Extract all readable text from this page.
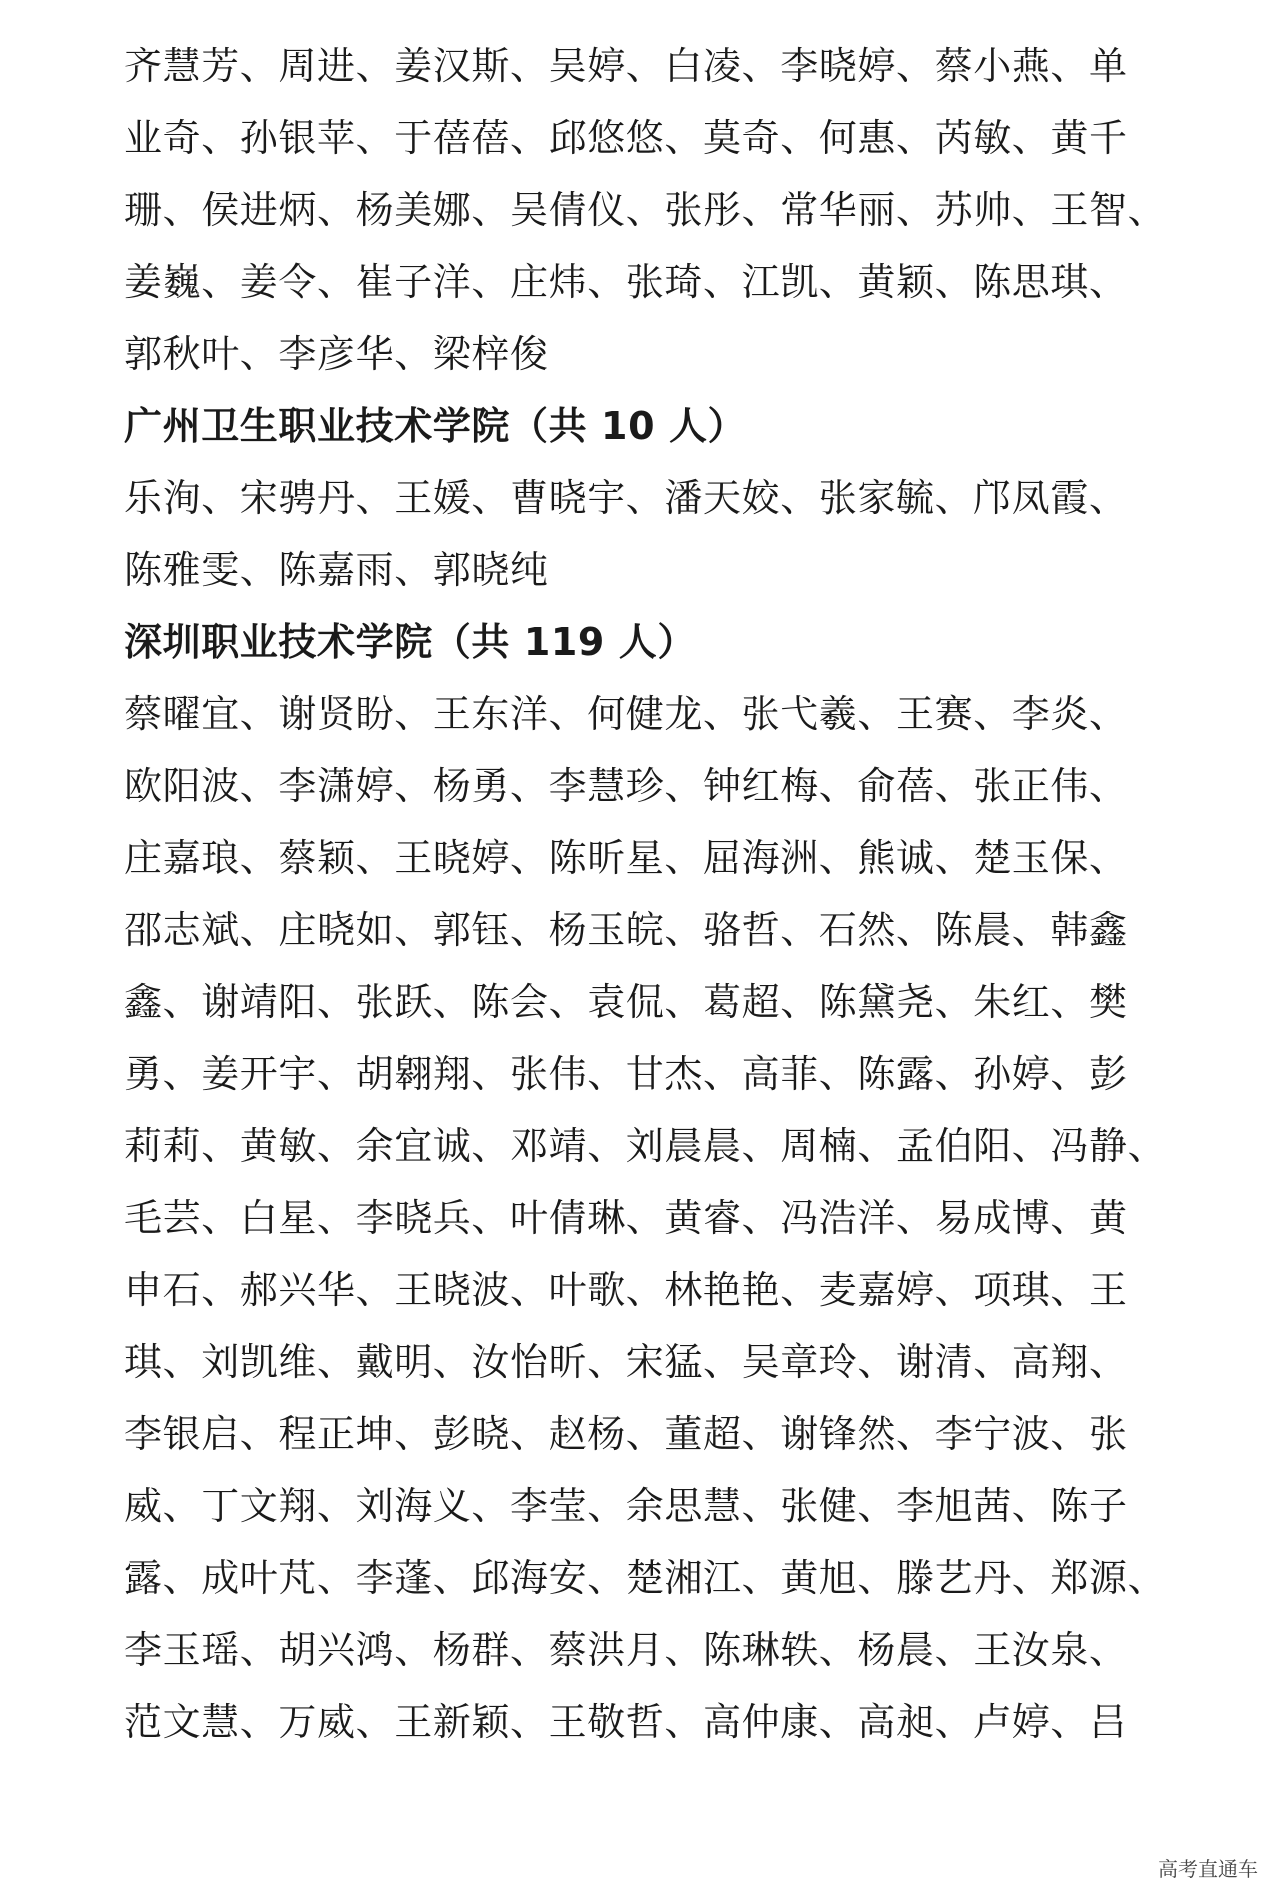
齐慧芳、周进、姜汉斯、吴婷、白凌、李晓婷、蔡小燕、单
业奇、孙银苹、于蓓蓓、邱悠悠、莫奇、何惠、芮敏、黄千
珊、侯进炳、杨美娜、吴倩仪、张彤、常华丽、苏帅、王智、
姜巍、姜令、崔子洋、庄炜、张琦、江凯、黄颖、陈思琪、
郭秋叶、李彦华、梁梓俊
广州卫生职业技术学院（共 10 人）
乐洵、宋骋丹、王媛、曹晓宇、潘天姣、张家毓、邝凤霞、
陈雅雯、陈嘉雨、郭晓纯
深圳职业技术学院（共 119 人）
蔡曜宜、谢贤盼、王东洋、何健龙、张弋羲、王赛、李炎、
欧阳波、李潇婷、杨勇、李慧珍、钟红梅、俞蓓、张正伟、
庄嘉琅、蔡颖、王晓婷、陈昕星、屈海洲、熊诚、楚玉保、
邵志斌、庄晓如、郭钰、杨玉皖、骆哲、石然、陈晨、韩鑫
鑫、谢靖阳、张跃、陈会、袁侃、葛超、陈黛尧、朱红、樊
勇、姜开宇、胡翱翔、张伟、甘杰、高菲、陈露、孙婷、彭
莉莉、黄敏、余宜诚、邓靖、刘晨晨、周楠、孟伯阳、冯静、
毛芸、白星、李晓兵、叶倩琳、黄睿、冯浩洋、易成博、黄
申石、郝兴华、王晓波、叶歌、林艳艳、麦嘉婷、项琪、王
琪、刘凯维、戴明、汝怡昕、宋猛、吴章玲、谢清、高翔、
李银启、程正坤、彭晓、赵杨、董超、谢锋然、李宁波、张
威、丁文翔、刘海义、李莹、余思慧、张健、李旭茜、陈子
露、成叶芃、李蓬、邱海安、楚湘江、黄旭、滕艺丹、郑源、
李玉瑶、胡兴鸿、杨群、蔡洪月、陈琳轶、杨晨、王汝泉、
范文慧、万威、王新颖、王敬哲、高仲康、高昶、卢婷、吕
高考直通车
